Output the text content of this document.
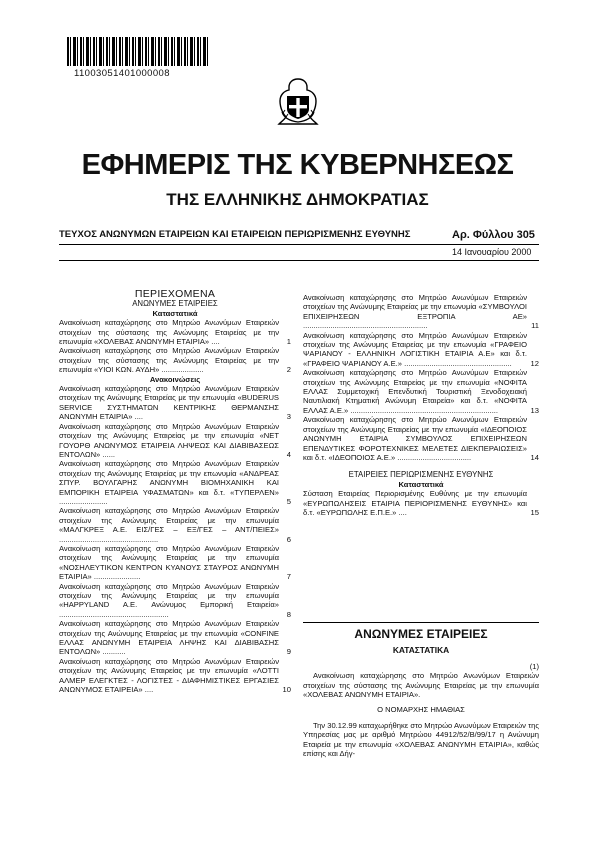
11003051401000008
ΕΦΗΜΕΡΙΣ ΤΗΣ ΚΥΒΕΡΝΗΣΕΩΣ
ΤΗΣ ΕΛΛΗΝΙΚΗΣ ΔΗΜΟΚΡΑΤΙΑΣ
ΤΕΥΧΟΣ ΑΝΩΝΥΜΩΝ ΕΤΑΙΡΕΙΩΝ ΚΑΙ ΕΤΑΙΡΕΙΩΝ ΠΕΡΙΩΡΙΣΜΕΝΗΣ ΕΥΘΥΝΗΣ	Αρ. Φύλλου 305
14 Ιανουαρίου 2000

ΠΕΡΙΕΧΟΜΕΝΑ

ΑΝΩΝΥΜΕΣ ΕΤΑΙΡΕΙΕΣ

Καταστατικά

Ανακοίνωση καταχώρησης στο Μητρώο Ανωνύμων Εταιρειών στοιχείων της σύστασης της Ανώνυμης Εταιρείας με την επωνυμία «ΧΟΛΕΒΑΣ ΑΝΩΝΥΜΗ ΕΤΑΙΡΙΑ» ....	1

Ανακοίνωση καταχώρησης στο Μητρώο Ανωνύμων Εταιρειών στοιχείων της σύστασης της Ανώνυμης Εταιρείας με την επωνυμία «ΥΙΟΙ ΚΩΝ. ΑΥΔΗ» ....................	2

Ανακοινώσεις

Ανακοίνωση καταχώρησης στο Μητρώο Ανωνύμων Εταιρειών στοιχείων της Ανώνυμης Εταιρείας με την επωνυμία «BUDERUS SERVICE ΣΥΣΤΗΜΑΤΩΝ ΚΕΝΤΡΙΚΗΣ ΘΕΡΜΑΝΣΗΣ ΑΝΩΝΥΜΗ ΕΤΑΙΡΙΑ» ....	3

Ανακοίνωση καταχώρησης στο Μητρώο Ανωνύμων Εταιρειών στοιχείων της Ανώνυμης Εταιρείας με την επωνυμία «ΝΕΤ ΓΟΥΟΡΘ ΑΝΩΝΥΜΟΣ ΕΤΑΙΡΕΙΑ ΛΗΨΕΩΣ ΚΑΙ ΔΙΑΒΙΒΑΣΕΩΣ ΕΝΤΟΛΩΝ» ......	4

Ανακοίνωση καταχώρησης στο Μητρώο Ανωνύμων Εταιρειών στοιχείων της Ανώνυμης Εταιρείας με την επωνυμία «ΑΝΔΡΕΑΣ ΣΠΥΡ. ΒΟΥΛΓΑΡΗΣ ΑΝΩΝΥΜΗ ΒΙΟΜΗΧΑΝΙΚΗ ΚΑΙ ΕΜΠΟΡΙΚΗ ΕΤΑΙΡΕΙΑ ΥΦΑΣΜΑΤΩΝ» και δ.τ. «ΤΥΠΕΡΛΕΝ» .......................	5

Ανακοίνωση καταχώρησης στο Μητρώο Ανωνύμων Εταιρειών στοιχείων της Ανώνυμης Εταιρείας με την επωνυμία «ΜΑΛΓΚΡΕΞ Α.Ε. ΕΙΣ/ΓΕΣ – ΕΞ/ΓΕΣ – ΑΝΤ/ΠΕΙΕΣ» ...............................................	6

Ανακοίνωση καταχώρησης στο Μητρώο Ανωνύμων Εταιρειών στοιχείων της Ανώνυμης Εταιρείας με την επωνυμία «ΝΟΣΗΛΕΥΤΙΚΟΝ ΚΕΝΤΡΟΝ ΚΥΑΝΟΥΣ ΣΤΑΥΡΟΣ ΑΝΩΝΥΜΗ ΕΤΑΙΡΙΑ» ......................	7

Ανακοίνωση καταχώρησης στο Μητρώο Ανωνύμων Εταιρειών στοιχείων της Ανώνυμης Εταιρείας με την επωνυμία «HAPPYLAND A.E. Ανώνυμος Εμπορική Εταιρεία» ....................................................	8

Ανακοίνωση καταχώρησης στο Μητρώο Ανωνύμων Εταιρειών στοιχείων της Ανώνυμης Εταιρείας με την επωνυμία «CONFINE ΕΛΛΑΣ ΑΝΩΝΥΜΗ ΕΤΑΙΡΕΙΑ ΛΗΨΗΣ ΚΑΙ ΔΙΑΒΙΒΑΣΗΣ ΕΝΤΟΛΩΝ» ...........	9

Ανακοίνωση καταχώρησης στο Μητρώο Ανωνύμων Εταιρειών στοιχείων της Ανώνυμης Εταιρείας με την επωνυμία «ΛΟΤΤΙ ΑΛΜΕΡ ΕΛΕΓΚΤΕΣ - ΛΟΓΙΣΤΕΣ - ΔΙΑΦΗΜΙΣΤΙΚΕΣ ΕΡΓΑΣΙΕΣ ΑΝΩΝΥΜΟΣ ΕΤΑΙΡΕΙΑ» ....	10

Ανακοίνωση καταχώρησης στο Μητρώο Ανωνύμων Εταιρειών στοιχείων της Ανώνυμης Εταιρείας με την επωνυμία «ΣΥΜΒΟΥΛΟΙ ΕΠΙΧΕΙΡΗΣΕΩΝ ΕΞΤΡΟΠΙΑ ΑΕ» ...........................................................	11

Ανακοίνωση καταχώρησης στο Μητρώο Ανωνύμων Εταιρειών στοιχείων της Ανώνυμης Εταιρείας με την επωνυμία «ΓΡΑΦΕΙΟ ΨΑΡΙΑΝΟΥ - ΕΛΛΗΝΙΚΗ ΛΟΓΙΣΤΙΚΗ ΕΤΑΙΡΙΑ Α.Ε» και δ.τ. «ΓΡΑΦΕΙΟ ΨΑΡΙΑΝΟΥ Α.Ε.» ................................................... 12

Ανακοίνωση καταχώρησης στο Μητρώο Ανωνύμων Εταιρειών στοιχείων της Ανώνυμης Εταιρείας με την επωνυμία «ΝΟΦΙΤΑ ΕΛΛΑΣ Συμμετοχική Επενδυτική Τουριστική Ξενοδοχειακή Ναυτιλιακή Κτηματική Ανώνυμη Εταιρεία» και δ.τ. «ΝΟΦΙΤΑ ΕΛΛΑΣ Α.Ε.» ......................................................................	13

Ανακοίνωση καταχώρησης στο Μητρώο Ανωνύμων Εταιρειών στοιχείων της Ανώνυμης Εταιρείας με την επωνυμία «ΙΔΕΟΠΟΙΟΣ ΑΝΩΝΥΜΗ ΕΤΑΙΡΙΑ ΣΥΜΒΟΥΛΟΣ ΕΠΙΧΕΙΡΗΣΕΩΝ ΕΠΕΝΔΥΤΙΚΕΣ ΦΟΡΟΤΕΧΝΙΚΕΣ ΜΕΛΕΤΕΣ ΔΙΕΚΠΕΡΑΙΩΣΕΙΣ» και δ.τ. «ΙΔΕΟΠΟΙΟΣ Α.Ε.» ...................................	14

ΕΤΑΙΡΕΙΕΣ ΠΕΡΙΩΡΙΣΜΕΝΗΣ ΕΥΘΥΝΗΣ

Καταστατικά

Σύσταση Εταιρείας Περιορισμένης Ευθύνης με την επωνυμία «ΕΥΡΩΠΩΛΗΣΕΙΣ ΕΤΑΙΡΙΑ ΠΕΡΙΟΡΙΣΜΕΝΗΣ ΕΥΘΥΝΗΣ» και δ.τ. «ΕΥΡΩΠΩΛΗΣ Ε.Π.Ε.» ....	15

ΑΝΩΝΥΜΕΣ ΕΤΑΙΡΕΙΕΣ

ΚΑΤΑΣΤΑΤΙΚΑ

(1)

Ανακοίνωση καταχώρησης στο Μητρώο Ανωνύμων Εταιρειών στοιχείων της σύστασης της Ανώνυμης Εταιρείας με την επωνυμία «ΧΟΛΕΒΑΣ ΑΝΩΝΥΜΗ ΕΤΑΙΡΙΑ».

Ο ΝΟΜΑΡΧΗΣ ΗΜΑΘΙΑΣ

Την 30.12.99 καταχωρήθηκε στο Μητρώο Ανωνύμων Εταιρειών της Υπηρεσίας μας με αριθμό Μητρώου 44912/52/Β/99/17 η Ανώνυμη Εταιρεία με την επωνυμία «ΧΟΛΕΒΑΣ ΑΝΩΝΥΜΗ ΕΤΑΙΡΙΑ», καθώς επίσης και Δήγ-
